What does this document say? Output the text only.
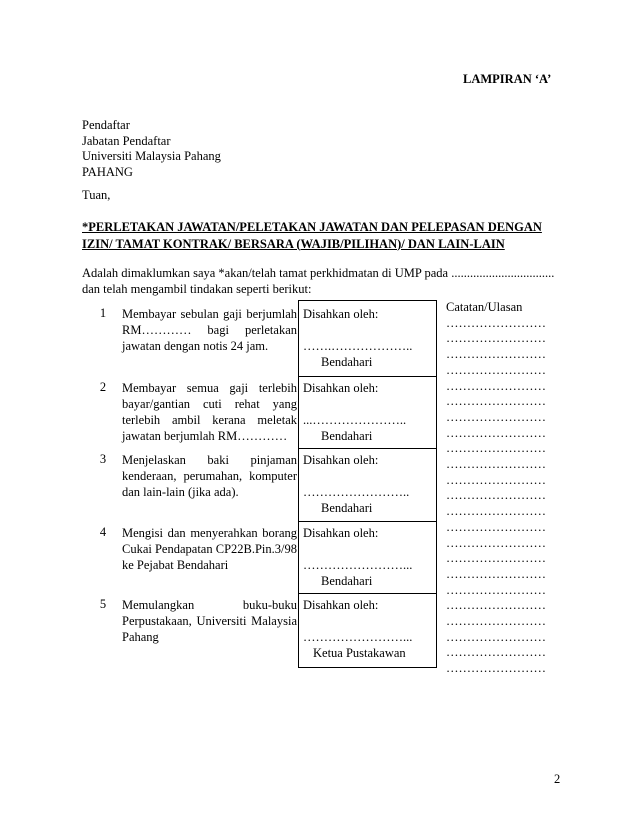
LAMPIRAN ‘A’
Pendaftar
Jabatan Pendaftar
Universiti Malaysia Pahang
PAHANG
Tuan,
*PERLETAKAN JAWATAN/PELETAKAN JAWATAN DAN PELEPASAN DENGAN IZIN/ TAMAT KONTRAK/ BERSARA (WAJIB/PILIHAN)/ DAN LAIN-LAIN
Adalah dimaklumkan saya *akan/telah tamat perkhidmatan di UMP pada .................................
dan telah mengambil tindakan seperti berikut:
1	Membayar sebulan gaji berjumlah RM………… bagi perletakan jawatan dengan notis 24 jam.
Disahkan oleh:
…….………………..
Bendahari
2	Membayar semua gaji terlebih bayar/gantian cuti rehat yang terlebih ambil kerana meletak jawatan berjumlah RM…………
Disahkan oleh:
...…………………..
Bendahari
3	Menjelaskan baki pinjaman kenderaan, perumahan, komputer dan lain-lain (jika ada).
Disahkan oleh:
……………………..
Bendahari
4	Mengisi dan menyerahkan borang Cukai Pendapatan CP22B.Pin.3/98 ke Pejabat Bendahari
Disahkan oleh:
……………………...
Bendahari
5	Memulangkan buku-buku Perpustakaan, Universiti Malaysia Pahang
Disahkan oleh:
……………………...
Ketua Pustakawan
Catatan/Ulasan
……………………
……………………
……………………
……………………
……………………
……………………
……………………
……………………
……………………
……………………
……………………
……………………
……………………
……………………
……………………
……………………
……………………
……………………
……………………
……………………
……………………
……………………
……………………
2
